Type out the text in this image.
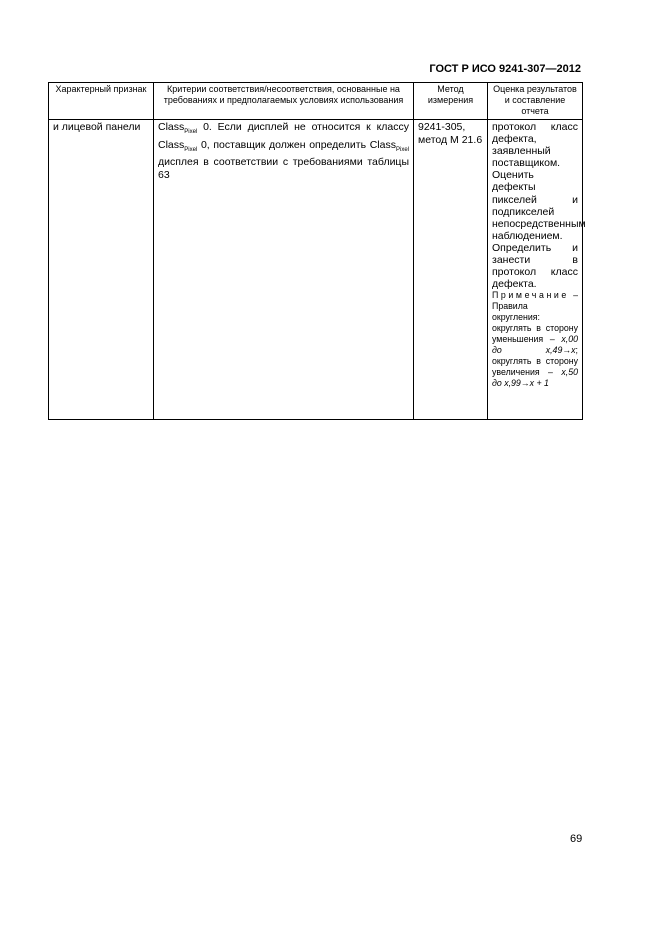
ГОСТ Р ИСО 9241-307—2012
Характерный признак	Критерии соответствия/несоответствия, основанные на требованиях и предполагаемых условиях использования	Метод измерения	Оценка результатов и составление отчета
и лицевой панели	Class$_{Pixel}$ 0. Если дисплей не относится к классу Class$_{Pixel}$ 0, поставщик должен определить Class$_{Pixel}$ дисплея в соответствии с требованиями таблицы 63	9241-305, метод М 21.6	протокол класс дефекта, заявленный поставщиком. Оценить дефекты пикселей и подпикселей непосредственным наблюдением. Определить и занести в протокол класс дефекта.
Примечание – Правила округления: округлять в сторону уменьшения – x,00 до x,49→x; округлять в сторону увеличения – x,50 до x,99→x + 1
69
